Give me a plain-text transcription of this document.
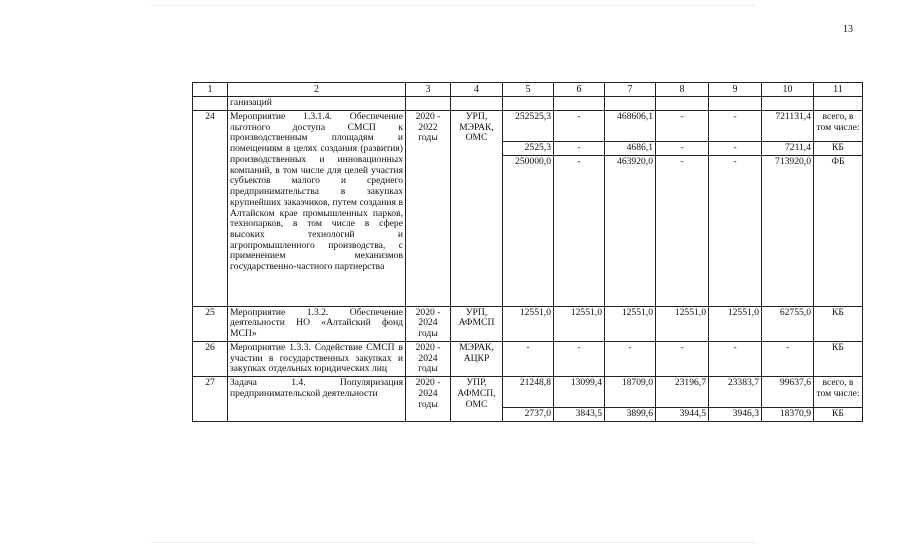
13
1	2	3	4	5	6	7	8	9	10	11
	ганизаций									
24	Мероприятие 1.3.1.4. Обеспечение льготного доступа СМСП к производственным площадям и помещениям в целях создания (развития) производственных и инновационных компаний, в том числе для целей участия субъектов малого и среднего предпринимательства в закупках крупнейших заказчиков, путем создания в Алтайском крае промышленных парков, технопарков, в том числе в сфере высоких технологий и агропромышленного производства, с применением механизмов государственно-частного партнерства	2020 - 2022 годы	УРП, МЭРАК, ОМС	252525,3	-	468606,1	-	-	721131,4	всего, в том числе:
				2525,3	-	4686,1	-	-	7211,4	КБ
				250000,0	-	463920,0	-	-	713920,0	ФБ
25	Мероприятие 1.3.2. Обеспечение деятельности НО «Алтайский фонд МСП»	2020 - 2024 годы	УРП, АФМСП	12551,0	12551,0	12551,0	12551,0	12551,0	62755,0	КБ
26	Мероприятие 1.3.3. Содействие СМСП в участии в государственных закупках и закупках отдельных юридических лиц	2020 - 2024 годы	МЭРАК, АЦКР	-	-	-	-	-	-	КБ
27	Задача 1.4. Популяризация предпринимательской деятельности	2020 - 2024 годы	УПР, АФМСП, ОМС	21248,8	13099,4	18709,0	23196,7	23383,7	99637,6	всего, в том числе:
				2737,0	3843,5	3899,6	3944,5	3946,3	18370,9	КБ
